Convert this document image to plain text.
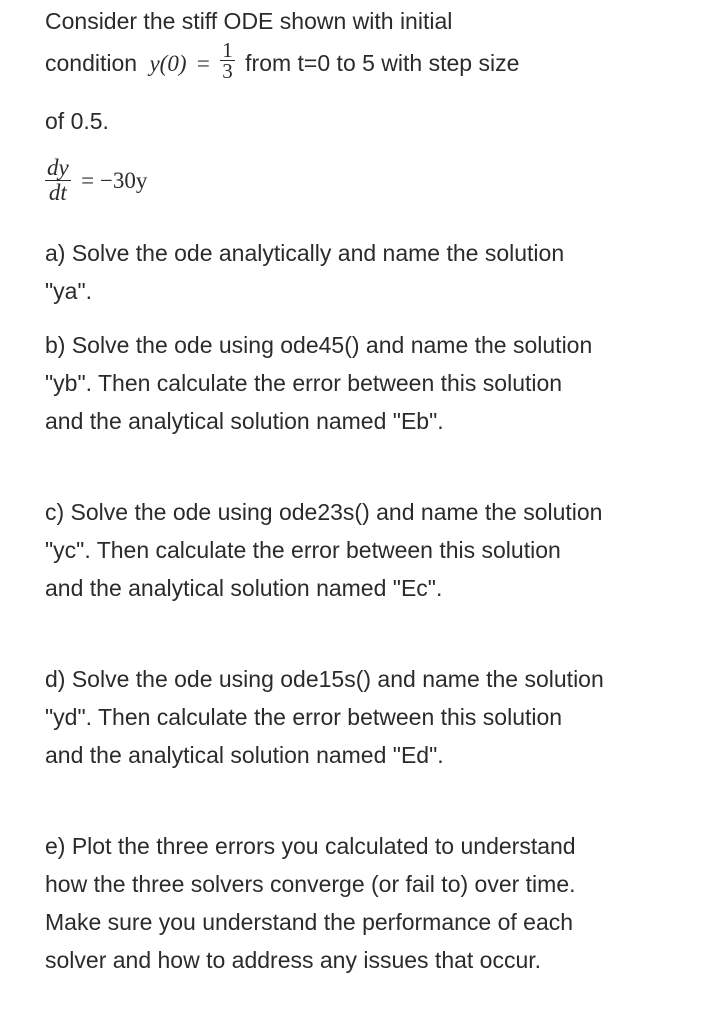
Consider the stiff ODE shown with initial

condition $y(0) = \frac{1}{3}$ from t=0 to 5 with step size

of 0.5.

$\frac{dy}{dt} = -30y$

a) Solve the ode analytically and name the solution "ya".

b) Solve the ode using ode45() and name the solution "yb". Then calculate the error between this solution and the analytical solution named "Eb".

c) Solve the ode using ode23s() and name the solution "yc". Then calculate the error between this solution and the analytical solution named "Ec".

d) Solve the ode using ode15s() and name the solution "yd". Then calculate the error between this solution and the analytical solution named "Ed".

e) Plot the three errors you calculated to understand how the three solvers converge (or fail to) over time. Make sure you understand the performance of each solver and how to address any issues that occur.
